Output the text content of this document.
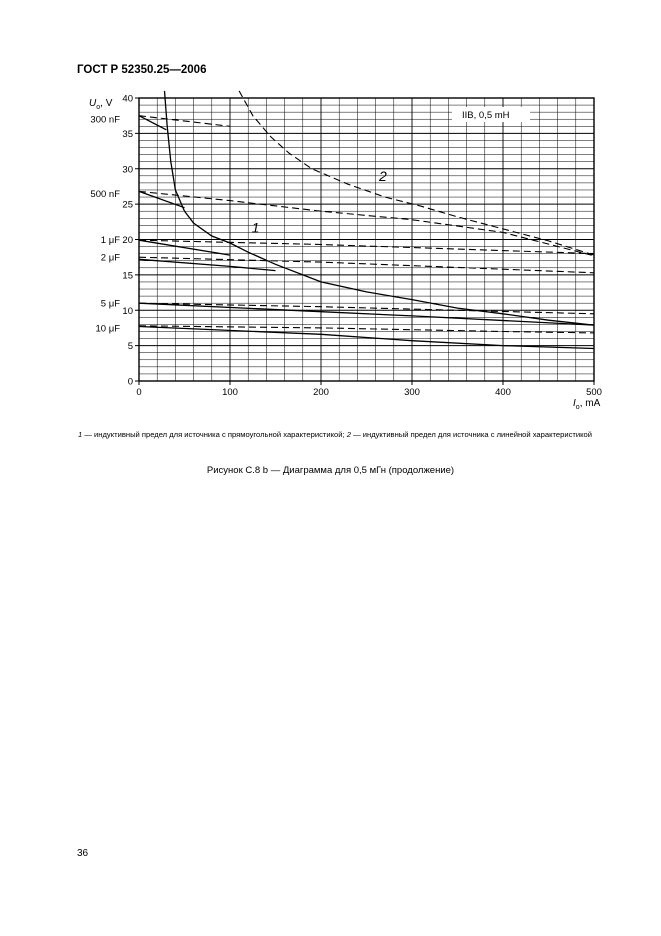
ГОСТ Р 52350.25—2006
0
5
10
15
20
25
30
35
40
0	100	200	300	400	500
$U_o$, V
$I_o$, mA
IIB, 0,5 mH
300 nF
500 nF
1 μF
2 μF
5 μF
10 μF
1
2
1 — индуктивный предел для источника с прямоугольной характеристикой; 2 — индуктивный предел для источника с линейной характеристикой
Рисунок С.8 b — Диаграмма для 0,5 мГн (продолжение)
36
